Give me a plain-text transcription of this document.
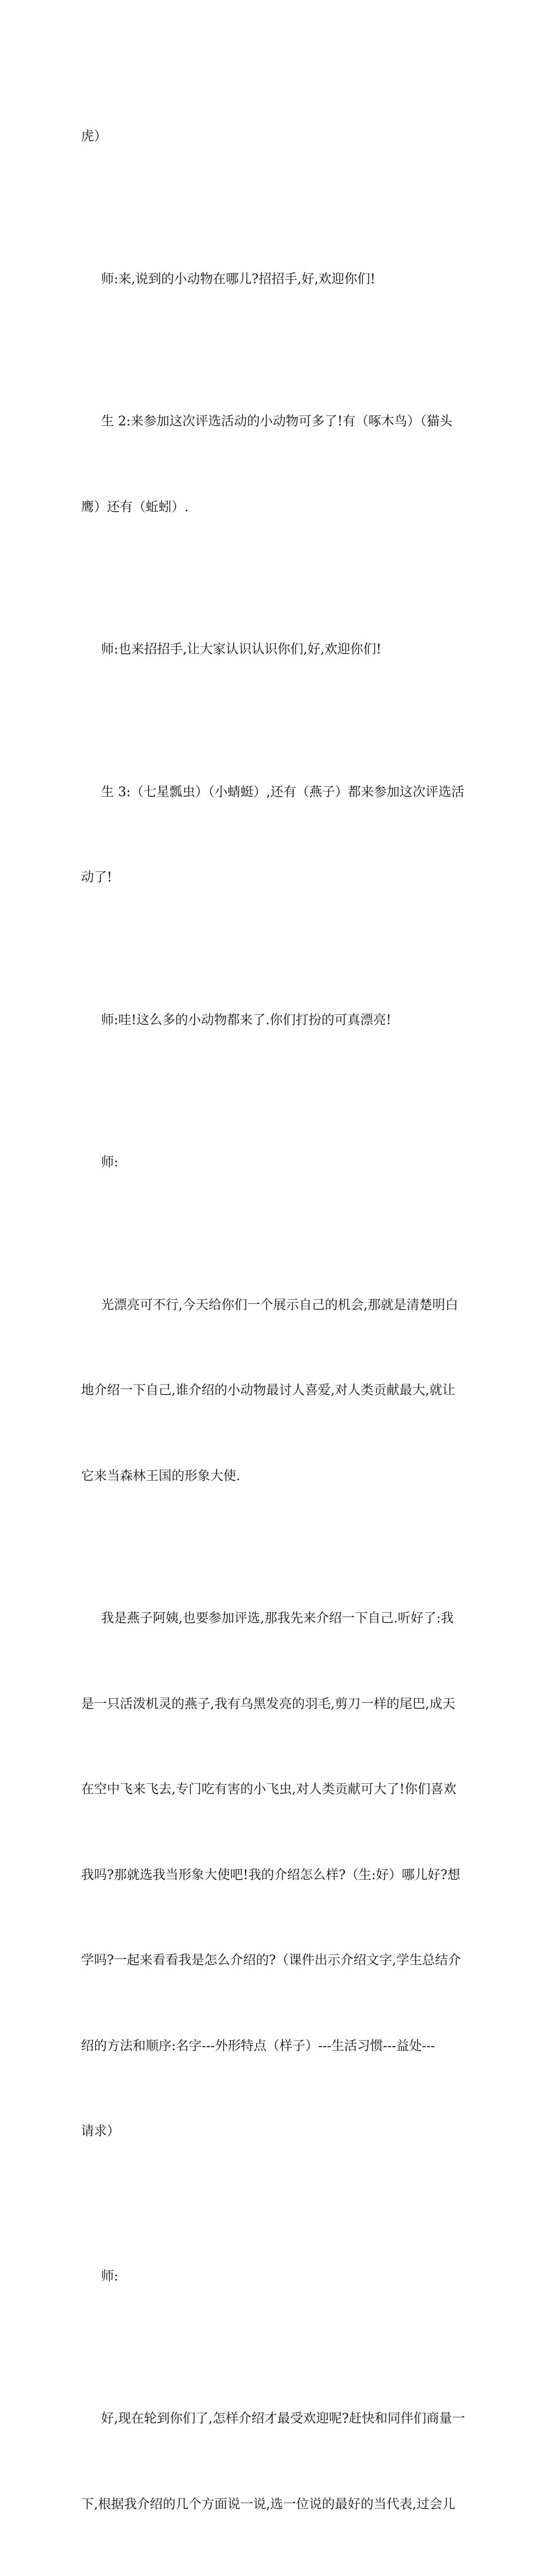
虎）

师:来,说到的小动物在哪儿?招招手,好,欢迎你们!

生 2:来参加这次评选活动的小动物可多了!有（啄木鸟）（猫头

鹰）还有（蚯蚓）.

师:也来招招手,让大家认识认识你们,好,欢迎你们!

生 3:（七星瓢虫）（小蜻蜓）,还有（燕子）都来参加这次评选活

动了!

师:哇!这么多的小动物都来了.你们打扮的可真漂亮!

师:

光漂亮可不行,今天给你们一个展示自己的机会,那就是清楚明白

地介绍一下自己,谁介绍的小动物最讨人喜爱,对人类贡献最大,就让

它来当森林王国的形象大使.

我是燕子阿姨,也要参加评选,那我先来介绍一下自己.听好了:我

是一只活泼机灵的燕子,我有乌黑发亮的羽毛,剪刀一样的尾巴,成天

在空中飞来飞去,专门吃有害的小飞虫,对人类贡献可大了!你们喜欢

我吗?那就选我当形象大使吧!我的介绍怎么样?（生:好）哪儿好?想

学吗?一起来看看我是怎么介绍的?（课件出示介绍文字,学生总结介

绍的方法和顺序:名字---外形特点（样子）---生活习惯---益处---

请求）

师:

好,现在轮到你们了,怎样介绍才最受欢迎呢?赶快和同伴们商量一

下,根据我介绍的几个方面说一说,选一位说的最好的当代表,过会儿
